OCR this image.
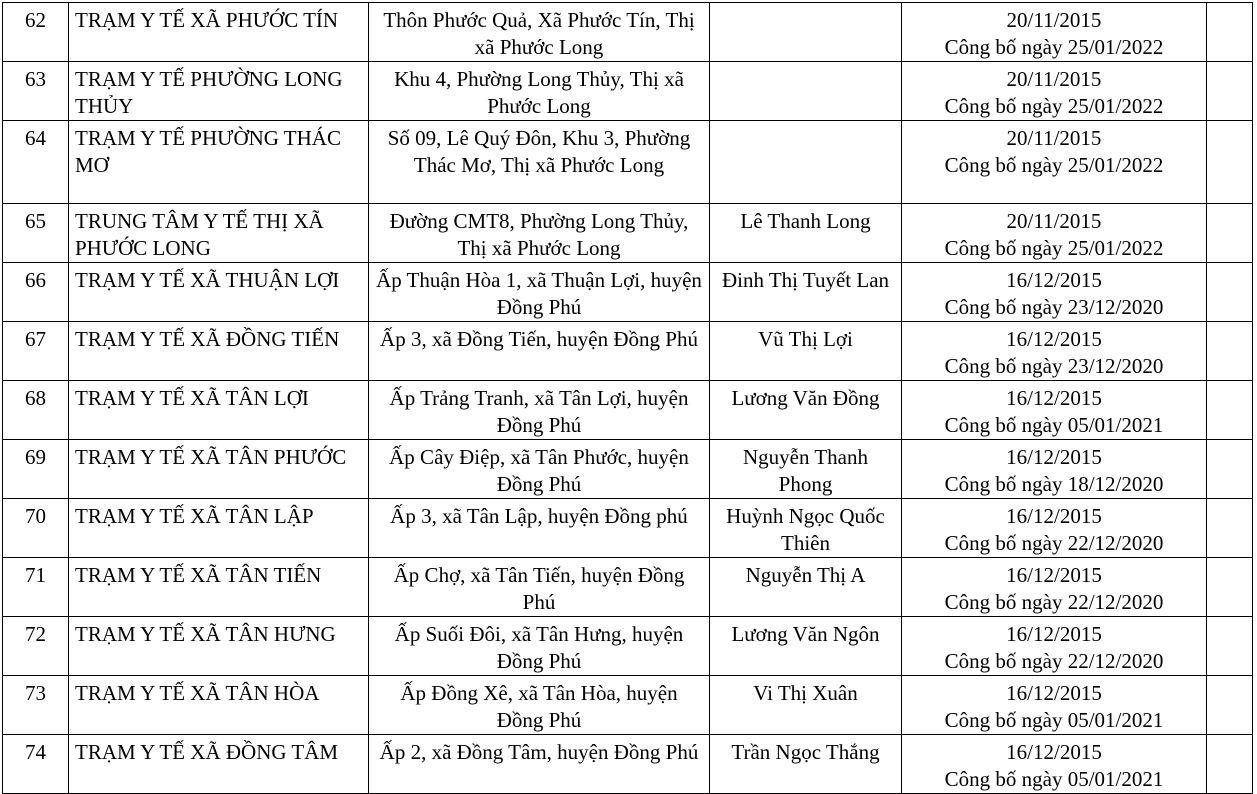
62	TRẠM Y TẾ XÃ PHƯỚC TÍN	Thôn Phước Quả, Xã Phước Tín, Thị xã Phước Long		20/11/2015
Công bố ngày 25/01/2022	

63	TRẠM Y TẾ PHƯỜNG LONG THỦY	Khu 4, Phường Long Thủy, Thị xã Phước Long		20/11/2015
Công bố ngày 25/01/2022	

64	TRẠM Y TẾ PHƯỜNG THÁC MƠ	Số 09, Lê Quý Đôn, Khu 3, Phường Thác Mơ, Thị xã Phước Long		20/11/2015
Công bố ngày 25/01/2022	

65	TRUNG TÂM Y TẾ THỊ XÃ PHƯỚC LONG	Đường CMT8, Phường Long Thủy, Thị xã Phước Long	Lê Thanh Long	20/11/2015
Công bố ngày 25/01/2022	

66	TRẠM Y TẾ XÃ THUẬN LỢI	Ấp Thuận Hòa 1, xã Thuận Lợi, huyện Đồng Phú	Đinh Thị Tuyết Lan	16/12/2015
Công bố ngày 23/12/2020	

67	TRẠM Y TẾ XÃ ĐỒNG TIẾN	Ấp 3, xã Đồng Tiến, huyện Đồng Phú	Vũ Thị Lợi	16/12/2015
Công bố ngày 23/12/2020	

68	TRẠM Y TẾ XÃ TÂN LỢI	Ấp Trảng Tranh, xã Tân Lợi, huyện Đồng Phú	Lương Văn Đồng	16/12/2015
Công bố ngày 05/01/2021	

69	TRẠM Y TẾ XÃ TÂN PHƯỚC	Ấp Cây Điệp, xã Tân Phước, huyện Đồng Phú	Nguyễn Thanh Phong	16/12/2015
Công bố ngày 18/12/2020	

70	TRẠM Y TẾ XÃ TÂN LẬP	Ấp 3, xã Tân Lập, huyện Đồng phú	Huỳnh Ngọc Quốc Thiên	16/12/2015
Công bố ngày 22/12/2020	

71	TRẠM Y TẾ XÃ TÂN TIẾN	Ấp Chợ, xã Tân Tiến, huyện Đồng Phú	Nguyễn Thị A	16/12/2015
Công bố ngày 22/12/2020	

72	TRẠM Y TẾ XÃ TÂN HƯNG	Ấp Suối Đôi, xã Tân Hưng, huyện Đồng Phú	Lương Văn Ngôn	16/12/2015
Công bố ngày 22/12/2020	

73	TRẠM Y TẾ XÃ TÂN HÒA	Ấp Đồng Xê, xã Tân Hòa, huyện Đồng Phú	Vi Thị Xuân	16/12/2015
Công bố ngày 05/01/2021	

74	TRẠM Y TẾ XÃ ĐỒNG TÂM	Ấp 2, xã Đồng Tâm, huyện Đồng Phú	Trần Ngọc Thắng	16/12/2015
Công bố ngày 05/01/2021	
